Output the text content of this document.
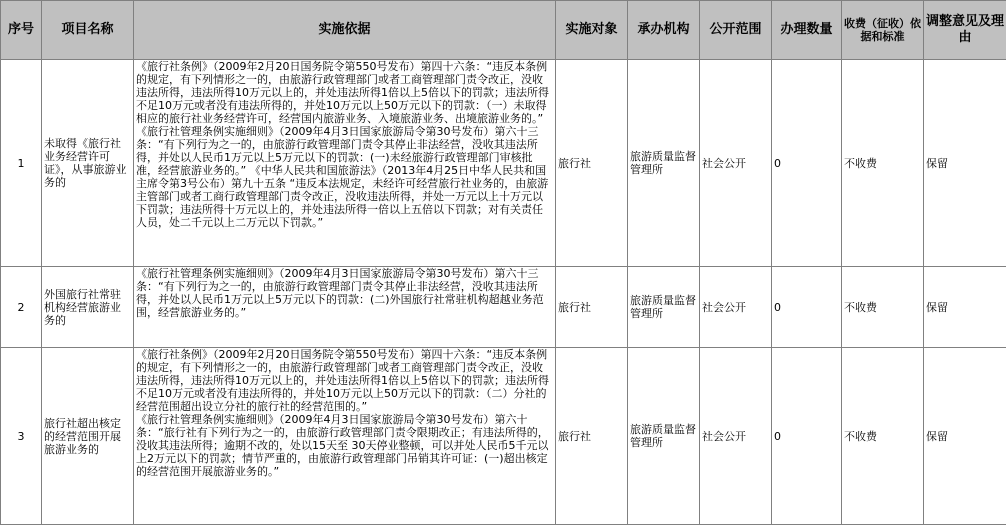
序号	项目名称	实施依据	实施对象	承办机构	公开范围	办理数量	收费（征收）依据和标准	调整意见及理由
1	未取得《旅行社业务经营许可证》，从事旅游业务的	《旅行社条例》（2009年2月20日国务院令第550号发布）第四十六条：“违反本条例的规定，有下列情形之一的，由旅游行政管理部门或者工商管理部门责令改正，没收违法所得，违法所得10万元以上的，并处违法所得1倍以上5倍以下的罚款；违法所得不足10万元或者没有违法所得的，并处10万元以上50万元以下的罚款：（一）未取得相应的旅行社业务经营许可，经营国内旅游业务、入境旅游业务、出境旅游业务的。”
《旅行社管理条例实施细则》（2009年4月3日国家旅游局令第30号发布）第六十三条：“有下列行为之一的，由旅游行政管理部门责令其停止非法经营，没收其违法所得，并处以人民币1万元以上5万元以下的罚款：(一)未经旅游行政管理部门审核批准，经营旅游业务的。” 《中华人民共和国旅游法》（2013年4月25日中华人民共和国主席令第3号公布）第九十五条 “违反本法规定，未经许可经营旅行社业务的，由旅游主管部门或者工商行政管理部门责令改正，没收违法所得，并处一万元以上十万元以下罚款；违法所得十万元以上的，并处违法所得一倍以上五倍以下罚款；对有关责任人员，处二千元以上二万元以下罚款。”	旅行社	旅游质量监督管理所	社会公开	0	不收费	保留
2	外国旅行社常驻机构经营旅游业务的	《旅行社管理条例实施细则》（2009年4月3日国家旅游局令第30号发布）第六十三条：“有下列行为之一的，由旅游行政管理部门责令其停止非法经营，没收其违法所得，并处以人民币1万元以上5万元以下的罚款：(二)外国旅行社常驻机构超越业务范围，经营旅游业务的。”	旅行社	旅游质量监督管理所	社会公开	0	不收费	保留
3	旅行社超出核定的经营范围开展旅游业务的	《旅行社条例》（2009年2月20日国务院令第550号发布）第四十六条：“违反本条例的规定，有下列情形之一的，由旅游行政管理部门或者工商管理部门责令改正，没收违法所得，违法所得10万元以上的，并处违法所得1倍以上5倍以下的罚款；违法所得不足10万元或者没有违法所得的，并处10万元以上50万元以下的罚款：（二）分社的经营范围超出设立分社的旅行社的经营范围的。”
《旅行社管理条例实施细则》（2009年4月3日国家旅游局令第30号发布）第六十条：“旅行社有下列行为之一的，由旅游行政管理部门责令限期改正；有违法所得的，没收其违法所得；逾期不改的，处以15天至 30天停业整顿，可以并处人民币5千元以上2万元以下的罚款；情节严重的，由旅游行政管理部门吊销其许可证：(一)超出核定的经营范围开展旅游业务的。”	旅行社	旅游质量监督管理所	社会公开	0	不收费	保留
